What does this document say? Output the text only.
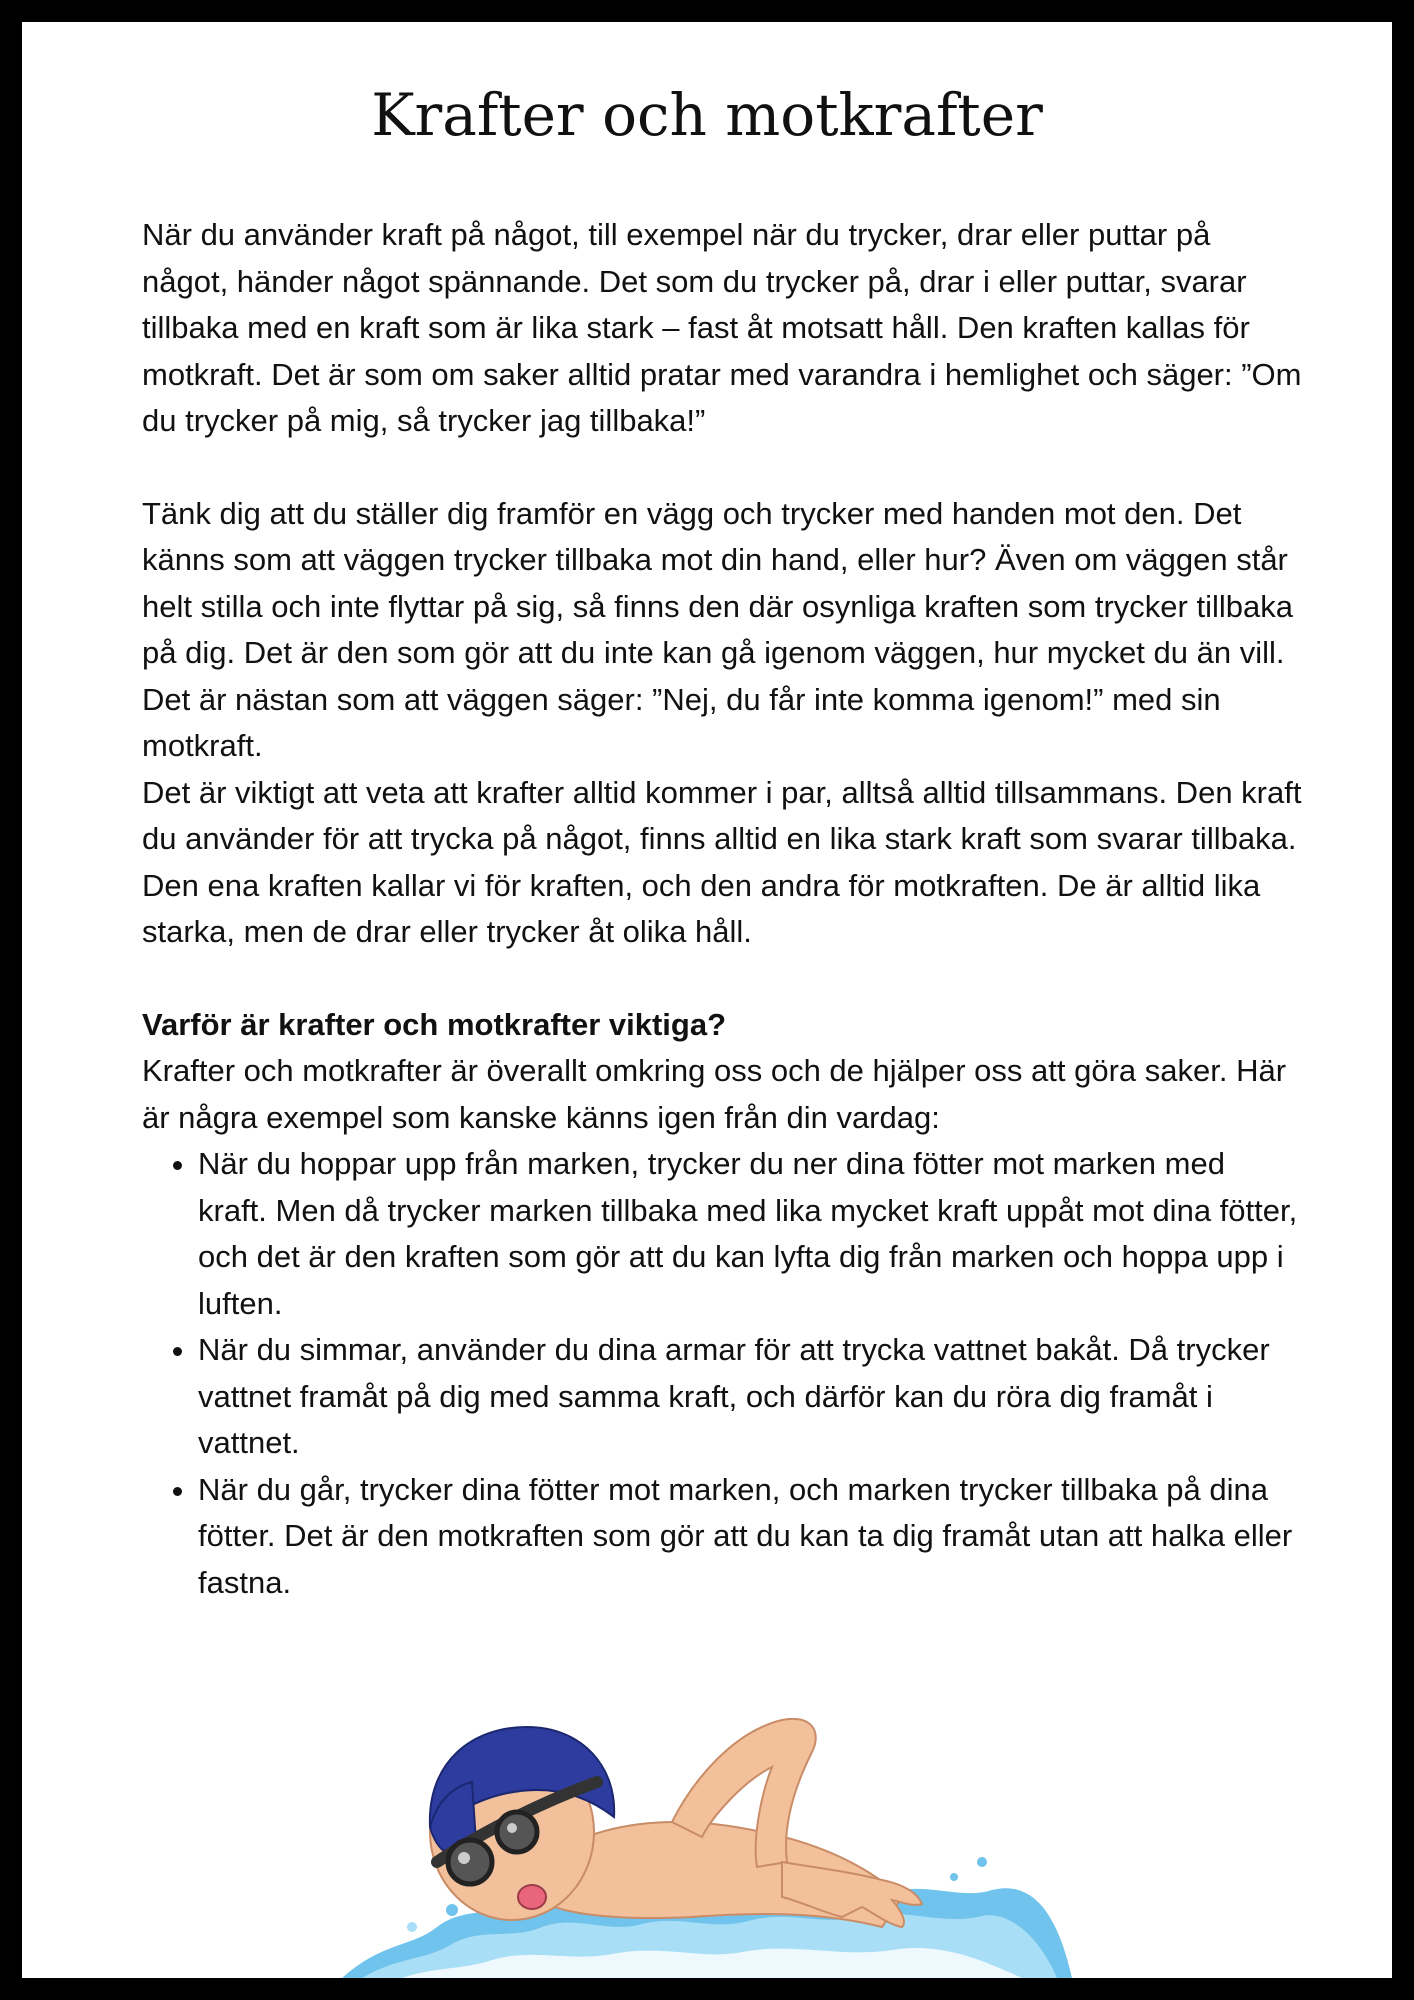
Krafter och motkrafter

När du använder kraft på något, till exempel när du trycker, drar eller puttar på något, händer något spännande. Det som du trycker på, drar i eller puttar, svarar tillbaka med en kraft som är lika stark – fast åt motsatt håll. Den kraften kallas för motkraft. Det är som om saker alltid pratar med varandra i hemlighet och säger: ”Om du trycker på mig, så trycker jag tillbaka!”

Tänk dig att du ställer dig framför en vägg och trycker med handen mot den. Det känns som att väggen trycker tillbaka mot din hand, eller hur? Även om väggen står helt stilla och inte flyttar på sig, så finns den där osynliga kraften som trycker tillbaka på dig. Det är den som gör att du inte kan gå igenom väggen, hur mycket du än vill. Det är nästan som att väggen säger: ”Nej, du får inte komma igenom!” med sin motkraft.

Det är viktigt att veta att krafter alltid kommer i par, alltså alltid tillsammans. Den kraft du använder för att trycka på något, finns alltid en lika stark kraft som svarar tillbaka. Den ena kraften kallar vi för kraften, och den andra för motkraften. De är alltid lika starka, men de drar eller trycker åt olika håll.

Varför är krafter och motkrafter viktiga?

Krafter och motkrafter är överallt omkring oss och de hjälper oss att göra saker. Här är några exempel som kanske känns igen från din vardag:

• När du hoppar upp från marken, trycker du ner dina fötter mot marken med kraft. Men då trycker marken tillbaka med lika mycket kraft uppåt mot dina fötter, och det är den kraften som gör att du kan lyfta dig från marken och hoppa upp i luften.
• När du simmar, använder du dina armar för att trycka vattnet bakåt. Då trycker vattnet framåt på dig med samma kraft, och därför kan du röra dig framåt i vattnet.
• När du går, trycker dina fötter mot marken, och marken trycker tillbaka på dina fötter. Det är den motkraften som gör att du kan ta dig framåt utan att halka eller fastna.
